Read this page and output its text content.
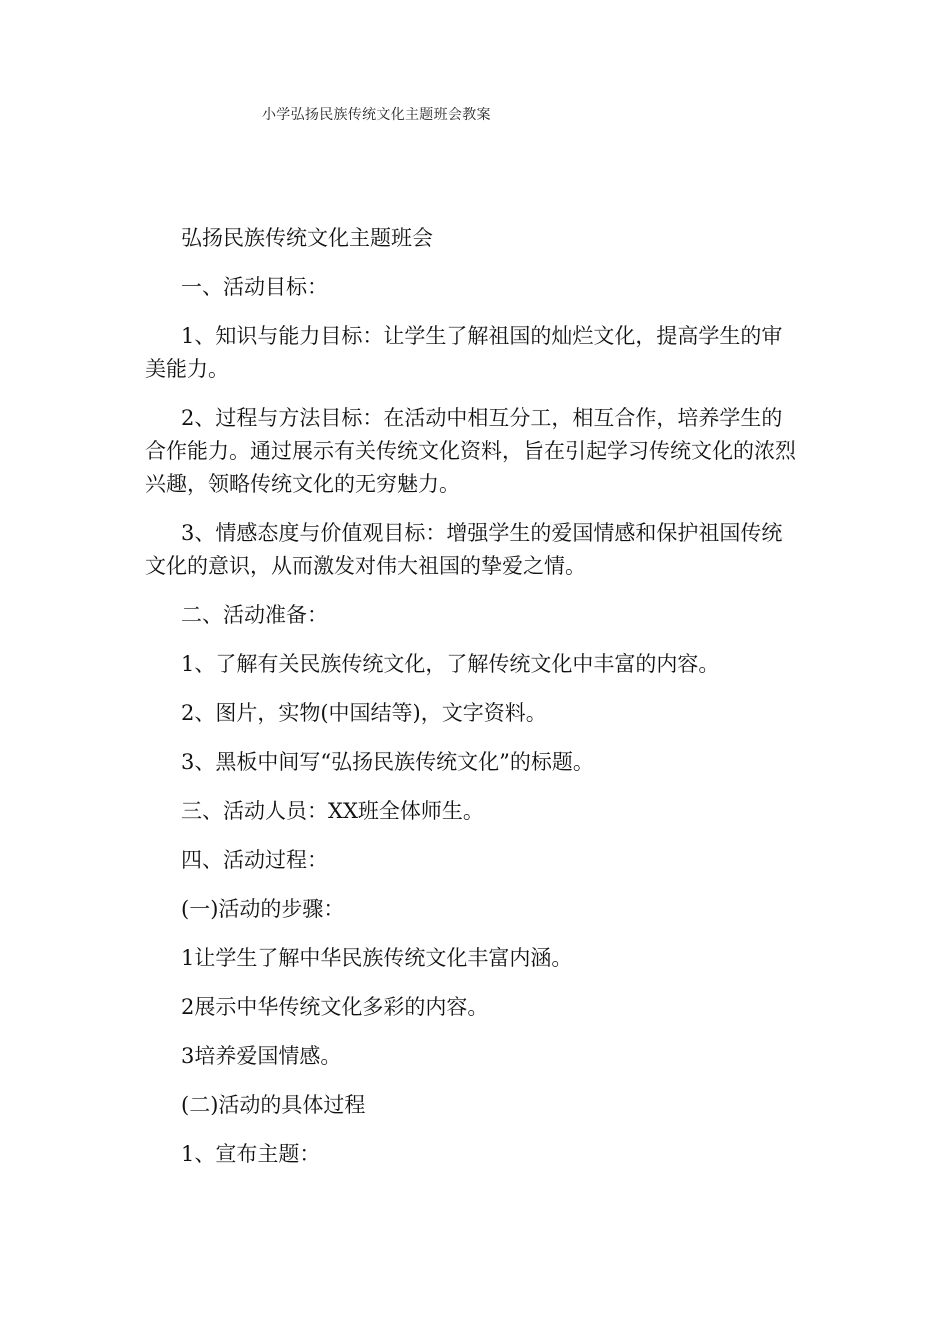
小学弘扬民族传统文化主题班会教案

弘扬民族传统文化主题班会

一、活动目标：

1、知识与能力目标：让学生了解祖国的灿烂文化，提高学生的审美能力。

2、过程与方法目标：在活动中相互分工，相互合作，培养学生的合作能力。通过展示有关传统文化资料，旨在引起学习传统文化的浓烈兴趣，领略传统文化的无穷魅力。

3、情感态度与价值观目标：增强学生的爱国情感和保护祖国传统文化的意识，从而激发对伟大祖国的挚爱之情。

二、活动准备：

1、了解有关民族传统文化，了解传统文化中丰富的内容。

2、图片，实物(中国结等)，文字资料。

3、黑板中间写“弘扬民族传统文化”的标题。

三、活动人员：XX班全体师生。

四、活动过程：

(一)活动的步骤：

1让学生了解中华民族传统文化丰富内涵。

2展示中华传统文化多彩的内容。

3培养爱国情感。

(二)活动的具体过程

1、宣布主题：
